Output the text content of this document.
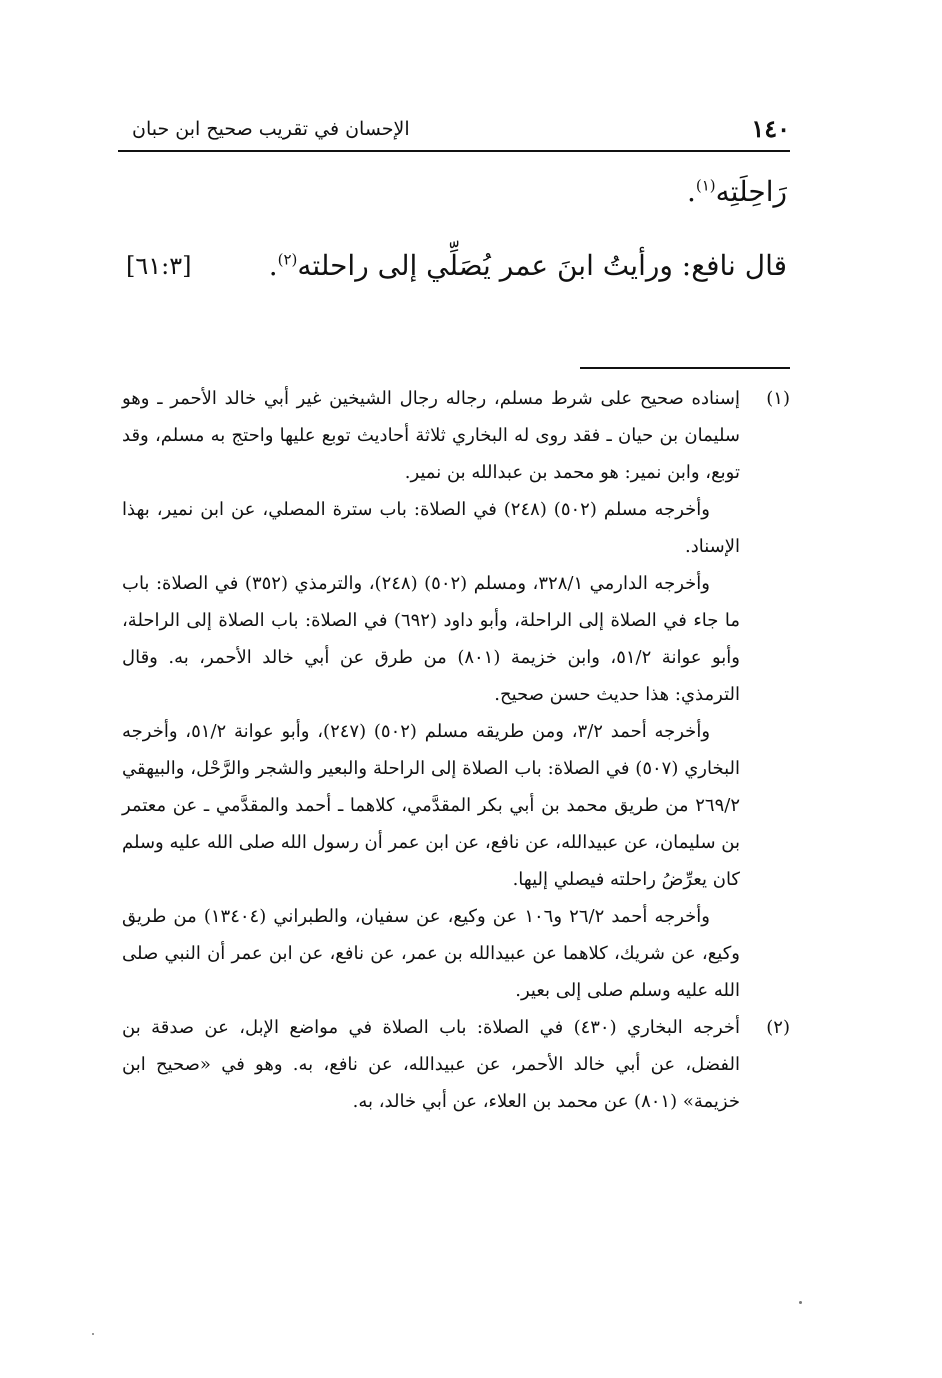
١٤٠
الإحسان في تقريب صحيح ابن حبان
رَاحِلَتِه$^{(١)}$.
قال نافع: ورأيتُ ابنَ عمر يُصَلِّي إلى راحلته$^{(٢)}$.
[٦١:٣]
(١)

إسناده صحيح على شرط مسلم، رجاله رجال الشيخين غير أبي خالد الأحمر ـ وهو سليمان بن حيان ـ فقد روى له البخاري ثلاثة أحاديث توبع عليها واحتج به مسلم، وقد توبع، وابن نمير: هو محمد بن عبدالله بن نمير.

وأخرجه مسلم (٥٠٢) (٢٤٨) في الصلاة: باب سترة المصلي، عن ابن نمير، بهذا الإسناد.

وأخرجه الدارمي ٣٢٨/١، ومسلم (٥٠٢) (٢٤٨)، والترمذي (٣٥٢) في الصلاة: باب ما جاء في الصلاة إلى الراحلة، وأبو داود (٦٩٢) في الصلاة: باب الصلاة إلى الراحلة، وأبو عوانة ٥١/٢، وابن خزيمة (٨٠١) من طرق عن أبي خالد الأحمر، به. وقال الترمذي: هذا حديث حسن صحيح.

وأخرجه أحمد ٣/٢، ومن طريقه مسلم (٥٠٢) (٢٤٧)، وأبو عوانة ٥١/٢، وأخرجه البخاري (٥٠٧) في الصلاة: باب الصلاة إلى الراحلة والبعير والشجر والرَّحْل، والبيهقي ٢٦٩/٢ من طريق محمد بن أبي بكر المقدَّمي، كلاهما ـ أحمد والمقدَّمي ـ عن معتمر بن سليمان، عن عبيدالله، عن نافع، عن ابن عمر أن رسول الله صلى الله عليه وسلم كان يعرِّضُ راحلته فيصلي إليها.

وأخرجه أحمد ٢٦/٢ و١٠٦ عن وكيع، عن سفيان، والطبراني (١٣٤٠٤) من طريق وكيع، عن شريك، كلاهما عن عبيدالله بن عمر، عن نافع، عن ابن عمر أن النبي صلى الله عليه وسلم صلى إلى بعير.

(٢)

أخرجه البخاري (٤٣٠) في الصلاة: باب الصلاة في مواضع الإبل، عن صدقة بن الفضل، عن أبي خالد الأحمر، عن عبيدالله، عن نافع، به. وهو في «صحيح ابن خزيمة» (٨٠١) عن محمد بن العلاء، عن أبي خالد، به.
